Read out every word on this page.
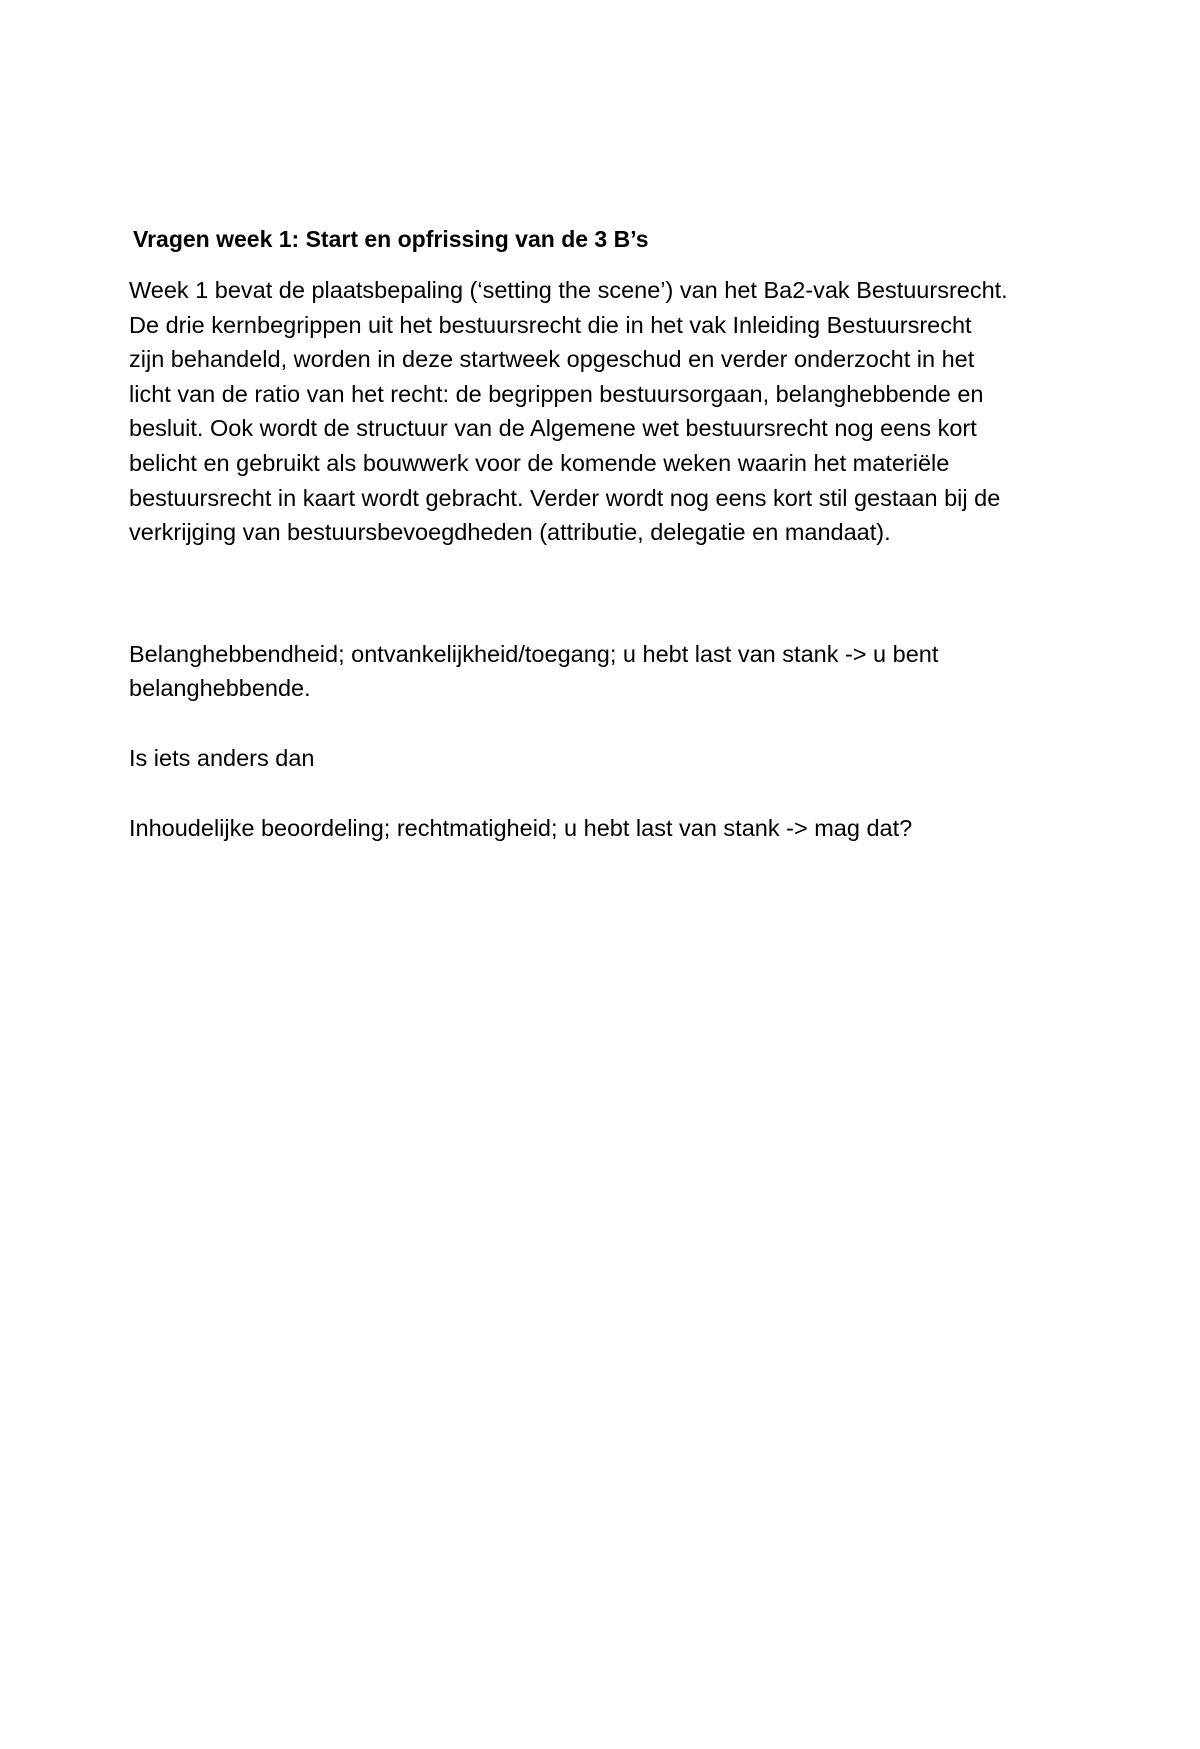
Vragen week 1: Start en opfrissing van de 3 B’s
Week 1 bevat de plaatsbepaling (‘setting the scene’) van het Ba2-vak Bestuursrecht.
De drie kernbegrippen uit het bestuursrecht die in het vak Inleiding Bestuursrecht
zijn behandeld, worden in deze startweek opgeschud en verder onderzocht in het
licht van de ratio van het recht: de begrippen bestuursorgaan, belanghebbende en
besluit. Ook wordt de structuur van de Algemene wet bestuursrecht nog eens kort
belicht en gebruikt als bouwwerk voor de komende weken waarin het materiële
bestuursrecht in kaart wordt gebracht. Verder wordt nog eens kort stil gestaan bij de
verkrijging van bestuursbevoegdheden (attributie, delegatie en mandaat).
Belanghebbendheid; ontvankelijkheid/toegang; u hebt last van stank -> u bent
belanghebbende.
Is iets anders dan
Inhoudelijke beoordeling; rechtmatigheid; u hebt last van stank -> mag dat?
